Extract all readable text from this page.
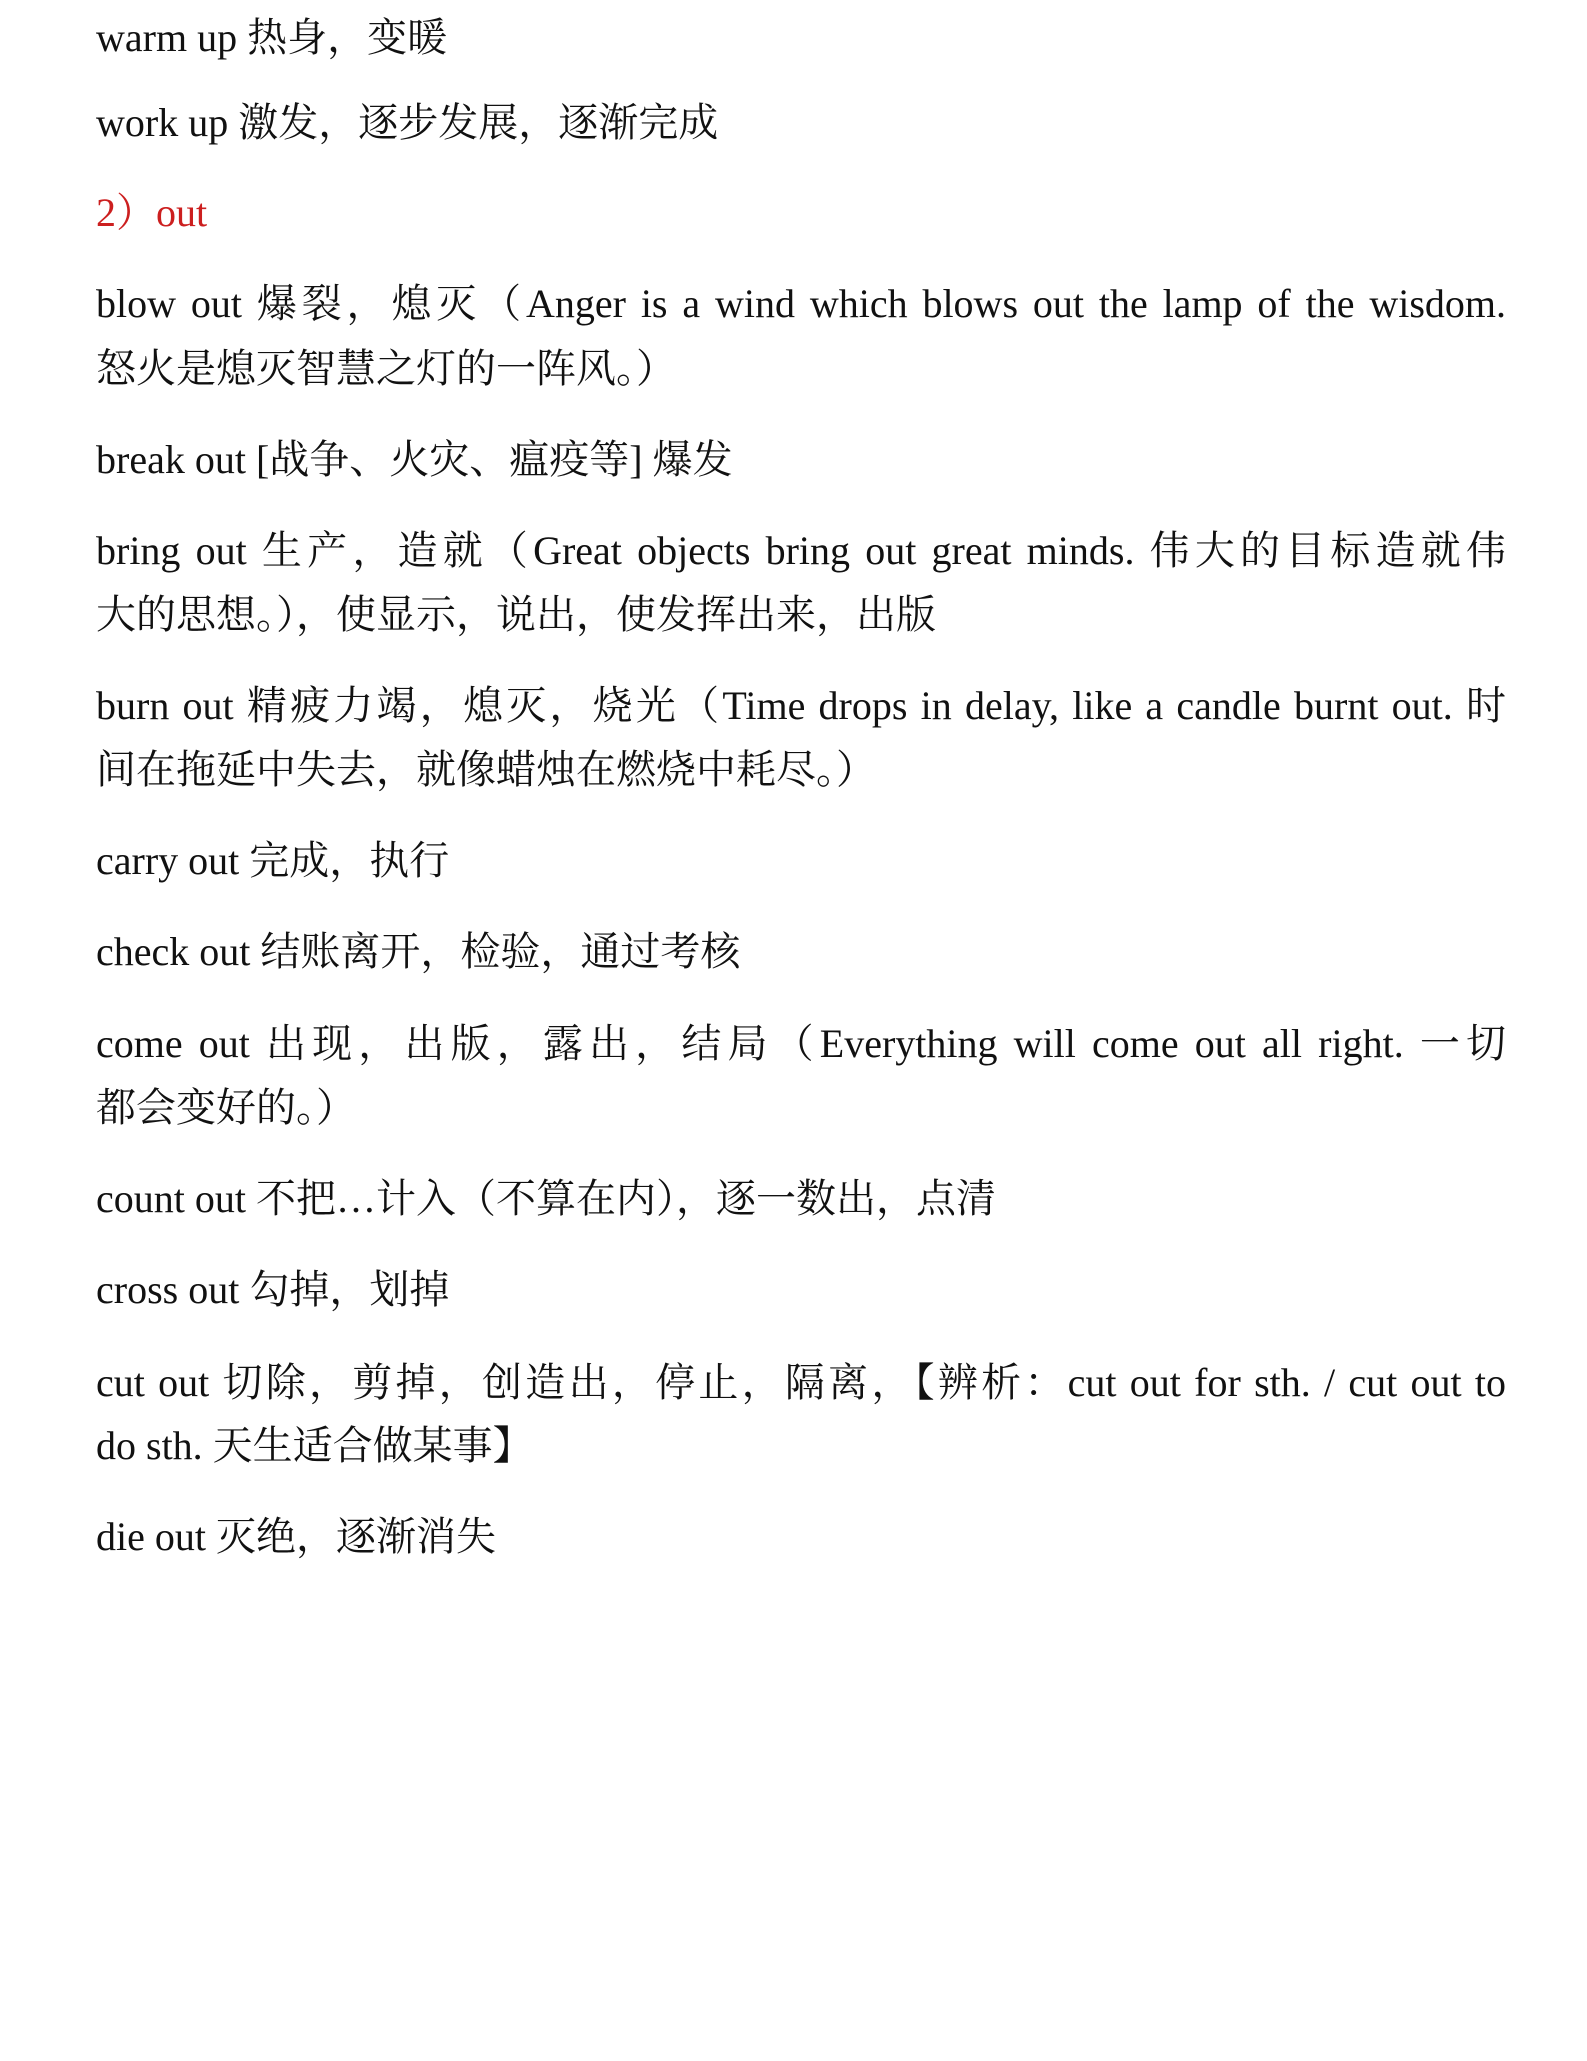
warm up 热身，变暖
work up 激发，逐步发展，逐渐完成
2）out
blow out 爆裂，熄灭（Anger is a wind which blows out the lamp of the wisdom.
怒火是熄灭智慧之灯的一阵风。）
break out [战争、火灾、瘟疫等] 爆发
bring out 生产，造就（Great objects bring out great minds. 伟大的目标造就伟
大的思想。），使显示，说出，使发挥出来，出版
burn out 精疲力竭，熄灭，烧光（Time drops in delay, like a candle burnt out. 时
间在拖延中失去，就像蜡烛在燃烧中耗尽。）
carry out 完成，执行
check out 结账离开，检验，通过考核
come out 出现，出版，露出，结局（Everything will come out all right. 一切
都会变好的。）
count out 不把…计入（不算在内），逐一数出，点清
cross out 勾掉，划掉
cut out 切除，剪掉，创造出，停止，隔离，【辨析：cut out for sth. / cut out to
do sth. 天生适合做某事】
die out 灭绝，逐渐消失
